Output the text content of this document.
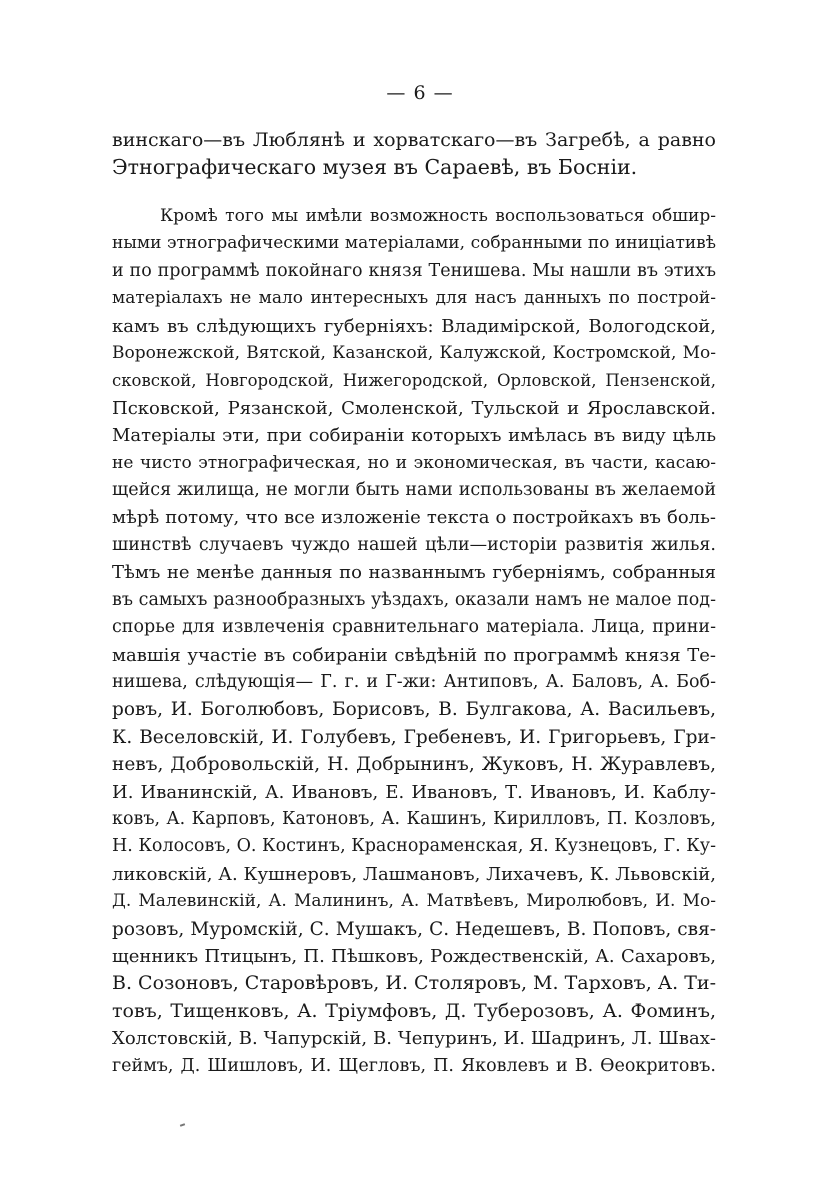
— 6 —
винскаго—въ Люблянѣ и хорватскаго—въ Загребѣ, а равно
Этнографическаго музея въ Сараевѣ, въ Босніи.
Кромѣ того мы имѣли возможность воспользоваться обшир-
ными этнографическими матеріалами, собранными по иниціативѣ
и по программѣ покойнаго князя Тенишева. Мы нашли въ этихъ
матеріалахъ не мало интересныхъ для насъ данныхъ по построй-
камъ въ слѣдующихъ губерніяхъ: Владимірской, Вологодской,
Воронежской, Вятской, Казанской, Калужской, Костромской, Мо-
сковской, Новгородской, Нижегородской, Орловской, Пензенской,
Псковской, Рязанской, Смоленской, Тульской и Ярославской.
Матеріалы эти, при собираніи которыхъ имѣлась въ виду цѣль
не чисто этнографическая, но и экономическая, въ части, касаю-
щейся жилища, не могли быть нами использованы въ желаемой
мѣрѣ потому, что все изложеніе текста о постройкахъ въ боль-
шинствѣ случаевъ чуждо нашей цѣли—исторіи развитія жилья.
Тѣмъ не менѣе данныя по названнымъ губерніямъ, собранныя
въ самыхъ разнообразныхъ уѣздахъ, оказали намъ не малое под-
спорье для извлеченія сравнительнаго матеріала. Лица, прини-
мавшія участіе въ собираніи свѣдѣній по программѣ князя Те-
нишева, слѣдующія— Г. г. и Г-жи: Антиповъ, А. Баловъ, А. Боб-
ровъ, И. Боголюбовъ, Борисовъ, В. Булгакова, А. Васильевъ,
К. Веселовскій, И. Голубевъ, Гребеневъ, И. Григорьевъ, Гри-
невъ, Добровольскій, Н. Добрынинъ, Жуковъ, Н. Журавлевъ,
И. Иванинскій, А. Ивановъ, Е. Ивановъ, Т. Ивановъ, И. Каблу-
ковъ, А. Карповъ, Катоновъ, А. Кашинъ, Кирилловъ, П. Козловъ,
Н. Колосовъ, О. Костинъ, Краснораменская, Я. Кузнецовъ, Г. Ку-
ликовскій, А. Кушнеровъ, Лашмановъ, Лихачевъ, К. Львовскій,
Д. Малевинскій, А. Малининъ, А. Матвѣевъ, Миролюбовъ, И. Мо-
розовъ, Муромскій, С. Мушакъ, С. Недешевъ, В. Поповъ, свя-
щенникъ Птицынъ, П. Пѣшковъ, Рождественскій, А. Сахаровъ,
В. Созоновъ, Старовѣровъ, И. Столяровъ, М. Тарховъ, А. Ти-
товъ, Тищенковъ, А. Тріумфовъ, Д. Туберозовъ, А. Фоминъ,
Холстовскій, В. Чапурскій, В. Чепуринъ, И. Шадринъ, Л. Швах-
геймъ, Д. Шишловъ, И. Щегловъ, П. Яковлевъ и В. Өеокритовъ.
